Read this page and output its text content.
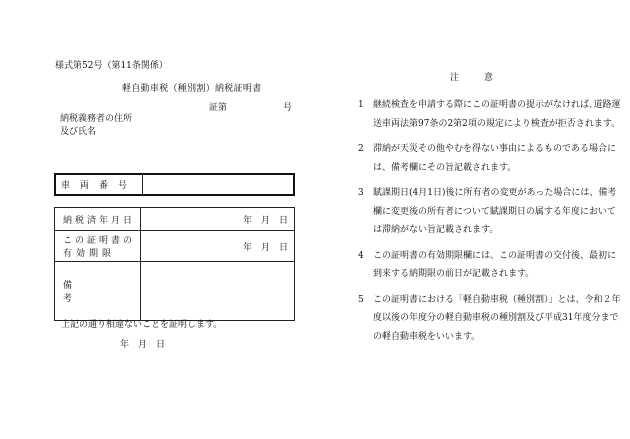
様式第52号（第11条関係）
軽自動車税（種別割）納税証明書
証第	号
納税義務者の住所
及び氏名
車両番号	
納税済年月日	年　月　日

この証明書の
有効期限	年　月　日
備考	
上記の通り相違ないことを証明します。
年　月　日
注　意
1 継続検査を申請する際にこの証明書の提示がなければ､道路運送車両法第97条の2第2項の規定により検査が拒否されます。
2 滞納が天災その他やむを得ない事由によるものである場合には、備考欄にその旨記載されます。
3 賦課期日(4月1日)後に所有者の変更があった場合には、備考欄に変更後の所有者について賦課期日の属する年度においては滞納がない旨記載されます。
4 この証明書の有効期限欄には、この証明書の交付後、最初に到来する納期限の前日が記載されます。
5 この証明書における「軽自動車税（種別割）」とは、令和２年度以後の年度分の軽自動車税の種別割及び平成31年度分までの軽自動車税をいいます。
